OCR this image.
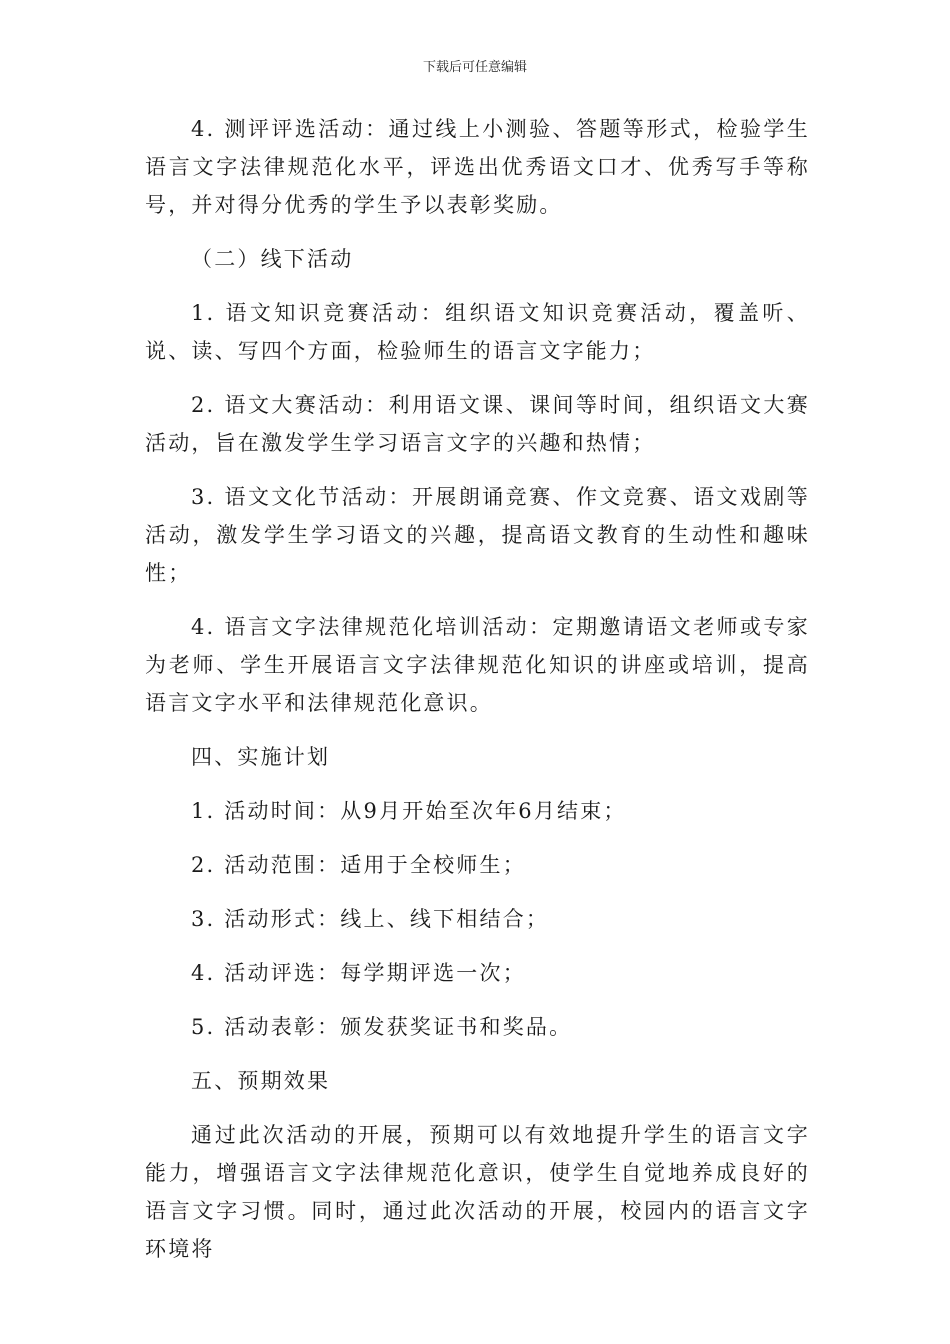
下载后可任意编辑

4. 测评评选活动：通过线上小测验、答题等形式，检验学生语言文字法律规范化水平，评选出优秀语文口才、优秀写手等称号，并对得分优秀的学生予以表彰奖励。

（二）线下活动

1. 语文知识竞赛活动：组织语文知识竞赛活动，覆盖听、说、读、写四个方面，检验师生的语言文字能力；

2. 语文大赛活动：利用语文课、课间等时间，组织语文大赛活动，旨在激发学生学习语言文字的兴趣和热情；

3. 语文文化节活动：开展朗诵竞赛、作文竞赛、语文戏剧等活动，激发学生学习语文的兴趣，提高语文教育的生动性和趣味性；

4. 语言文字法律规范化培训活动：定期邀请语文老师或专家为老师、学生开展语言文字法律规范化知识的讲座或培训，提高语言文字水平和法律规范化意识。

四、实施计划

1. 活动时间：从9月开始至次年6月结束；

2. 活动范围：适用于全校师生；

3. 活动形式：线上、线下相结合；

4. 活动评选：每学期评选一次；

5. 活动表彰：颁发获奖证书和奖品。

五、预期效果

通过此次活动的开展，预期可以有效地提升学生的语言文字能力，增强语言文字法律规范化意识，使学生自觉地养成良好的语言文字习惯。同时，通过此次活动的开展，校园内的语言文字环境将
